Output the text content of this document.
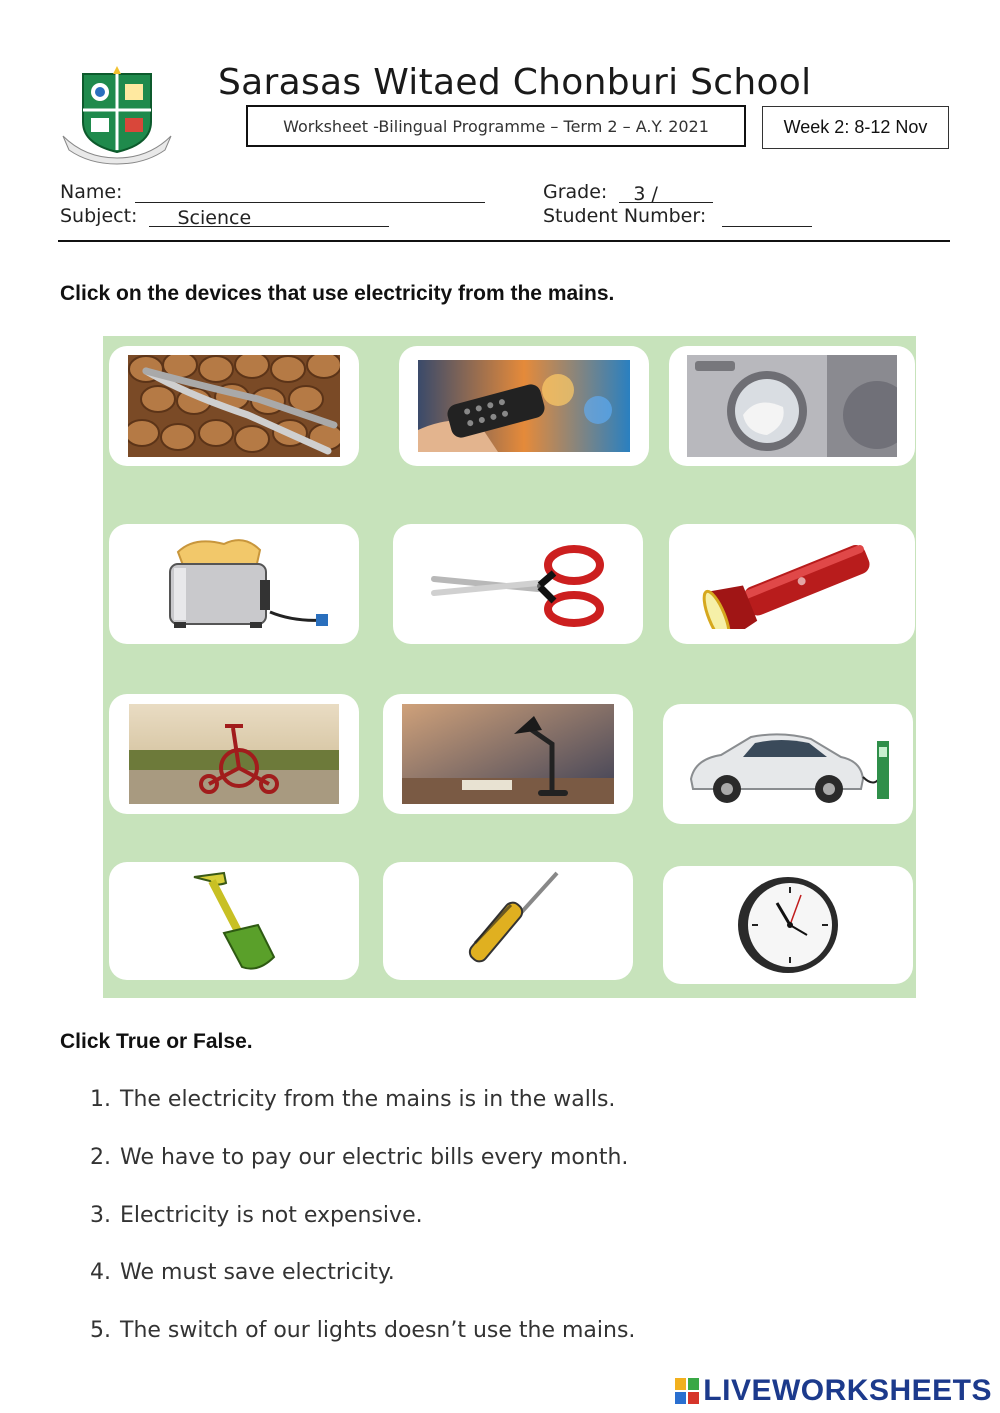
Sarasas Witaed Chonburi School
Worksheet -Bilingual Programme – Term 2 – A.Y. 2021	Week 2: 8-12 Nov
Name:
Subject: Science
Grade: 3 /
Student Number:
Click on the devices that use electricity from the mains.
Click True or False.
1. The electricity from the mains is in the walls.
2. We have to pay our electric bills every month.
3. Electricity is not expensive.
4. We must save electricity.
5. The switch of our lights doesn’t use the mains.
LIVEWORKSHEETS
